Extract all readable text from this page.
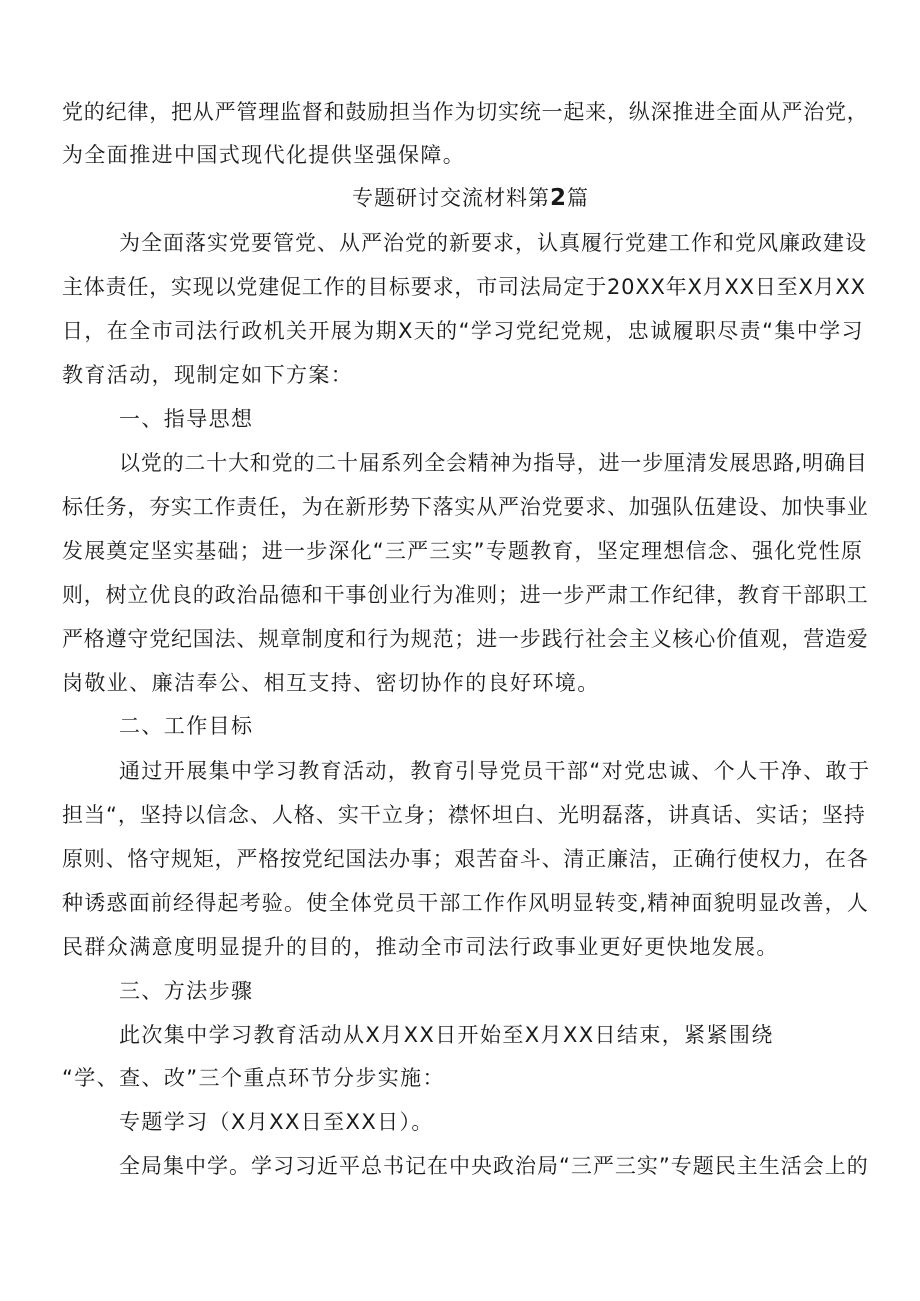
党的纪律，把从严管理监督和鼓励担当作为切实统一起来，纵深推进全面从严治党，
为全面推进中国式现代化提供坚强保障。
专题研讨交流材料第2篇
为全面落实党要管党、从严治党的新要求，认真履行党建工作和党风廉政建设
主体责任，实现以党建促工作的目标要求，市司法局定于20XX年X月XX日至X月XX
日，在全市司法行政机关开展为期X天的“学习党纪党规，忠诚履职尽责“集中学习
教育活动，现制定如下方案：
一、指导思想
以党的二十大和党的二十届系列全会精神为指导，进一步厘清发展思路,明确目
标任务，夯实工作责任，为在新形势下落实从严治党要求、加强队伍建设、加快事业
发展奠定坚实基础；进一步深化“三严三实”专题教育，坚定理想信念、强化党性原
则，树立优良的政治品德和干事创业行为准则；进一步严肃工作纪律，教育干部职工
严格遵守党纪国法、规章制度和行为规范；进一步践行社会主义核心价值观，营造爱
岗敬业、廉洁奉公、相互支持、密切协作的良好环境。
二、工作目标
通过开展集中学习教育活动，教育引导党员干部“对党忠诚、个人干净、敢于
担当“，坚持以信念、人格、实干立身；襟怀坦白、光明磊落，讲真话、实话；坚持
原则、恪守规矩，严格按党纪国法办事；艰苦奋斗、清正廉洁，正确行使权力，在各
种诱惑面前经得起考验。使全体党员干部工作作风明显转变,精神面貌明显改善，人
民群众满意度明显提升的目的，推动全市司法行政事业更好更快地发展。
三、方法步骤
此次集中学习教育活动从X月XX日开始至X月XX日结束，紧紧围绕
“学、查、改”三个重点环节分步实施：
专题学习（X月XX日至XX日）。
全局集中学。学习习近平总书记在中央政治局“三严三实”专题民主生活会上的
